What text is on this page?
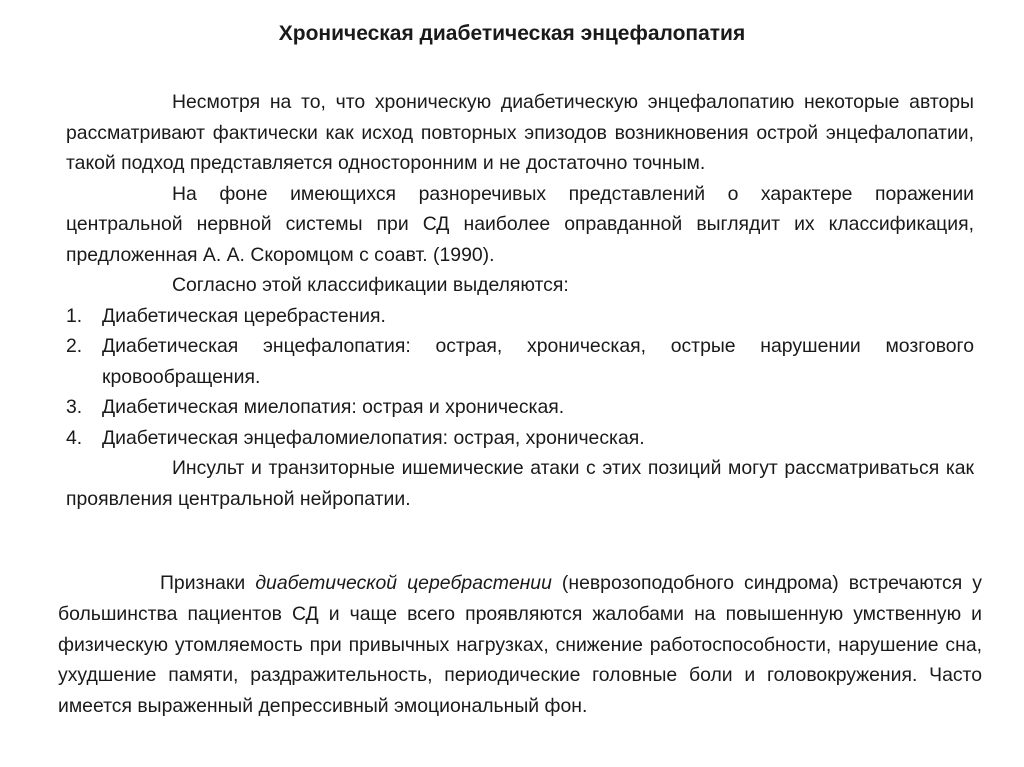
Хроническая диабетическая энцефалопатия

Несмотря на то, что хроническую диабетическую энцефалопатию некоторые авторы рассматривают фактически как исход повторных эпизодов возникновения острой энцефалопатии, такой подход представляется односторонним и не достаточно точным.

На фоне имеющихся разноречивых представлений о характере поражении центральной нервной системы при СД наиболее оправданной выглядит их классификация, предложенная А. А. Скоромцом с соавт. (1990).

Согласно этой классификации выделяются:

1. Диабетическая церебрастения.
2. Диабетическая энцефалопатия: острая, хроническая, острые нарушении мозгового кровообращения.
3. Диабетическая миелопатия: острая и хроническая.
4. Диабетическая энцефаломиелопатия: острая, хроническая.

Инсульт и транзиторные ишемические атаки с этих позиций могут рассматриваться как проявления центральной нейропатии.

Признаки диабетической церебрастении (неврозоподобного синдрома) встречаются у большинства пациентов СД и чаще всего проявляются жалобами на повышенную умственную и физическую утомляемость при привычных нагрузках, снижение работоспособности, нарушение сна, ухудшение памяти, раздражительность, периодические головные боли и головокружения. Часто имеется выраженный депрессивный эмоциональный фон.
